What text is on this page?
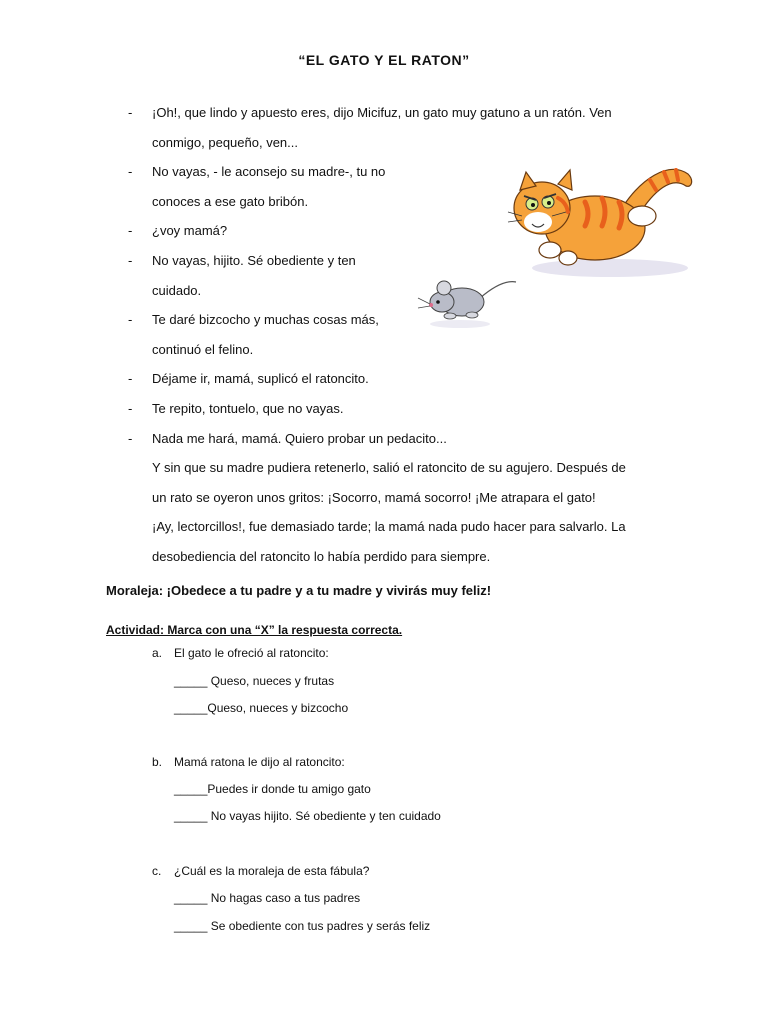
“EL GATO Y EL RATON”
- ¡Oh!, que lindo y apuesto eres, dijo Micifuz, un gato muy gatuno a un ratón. Ven
conmigo, pequeño, ven...
- No vayas, - le aconsejo su madre-, tu no
conoces a ese gato bribón.
- ¿voy mamá?
- No vayas, hijito. Sé obediente y ten
cuidado.
- Te daré bizcocho y muchas cosas más,
continuó el felino.
- Déjame ir, mamá, suplicó el ratoncito.
- Te repito, tontuelo, que no vayas.
- Nada me hará, mamá. Quiero probar un pedacito...
Y sin que su madre pudiera retenerlo, salió el ratoncito de su agujero. Después de
un rato se oyeron unos gritos: ¡Socorro, mamá socorro! ¡Me atrapara el gato!
¡Ay, lectorcillos!, fue demasiado tarde; la mamá nada pudo hacer para salvarlo. La
desobediencia del ratoncito lo había perdido para siempre.
Moraleja: ¡Obedece a tu padre y a tu madre y vivirás muy feliz!
Actividad: Marca con una “X” la respuesta correcta.
a. El gato le ofreció al ratoncito:
_____ Queso, nueces y frutas
_____Queso, nueces y bizcocho
b. Mamá ratona le dijo al ratoncito:
_____Puedes ir donde tu amigo gato
_____ No vayas hijito. Sé obediente y ten cuidado
c. ¿Cuál es la moraleja de esta fábula?
_____ No hagas caso a tus padres
_____ Se obediente con tus padres y serás feliz
